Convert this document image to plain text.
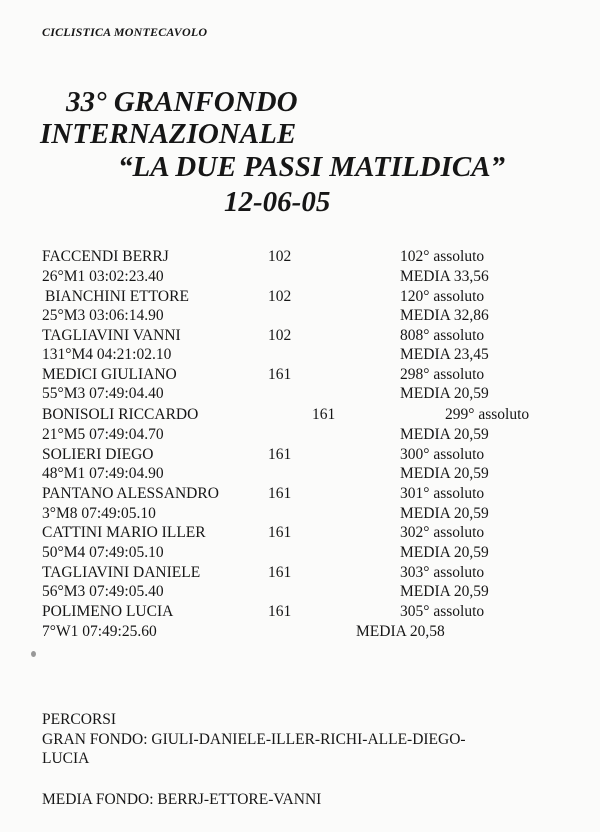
CICLISTICA MONTECAVOLO
33° GRANFONDO
INTERNAZIONALE
“LA DUE PASSI MATILDICA”
12-06-05
FACCENDI BERRJ	102	102° assoluto
26°M1 03:02:23.40	MEDIA 33,56
BIANCHINI ETTORE	102	120° assoluto
25°M3 03:06:14.90	MEDIA 32,86
TAGLIAVINI VANNI	102	808° assoluto
131°M4 04:21:02.10	MEDIA 23,45
MEDICI GIULIANO	161	298° assoluto
55°M3 07:49:04.40	MEDIA 20,59
BONISOLI RICCARDO	161	299° assoluto
21°M5 07:49:04.70	MEDIA 20,59
SOLIERI DIEGO	161	300° assoluto
48°M1 07:49:04.90	MEDIA 20,59
PANTANO ALESSANDRO	161	301° assoluto
3°M8 07:49:05.10	MEDIA 20,59
CATTINI MARIO ILLER	161	302° assoluto
50°M4 07:49:05.10	MEDIA 20,59
TAGLIAVINI DANIELE	161	303° assoluto
56°M3 07:49:05.40	MEDIA 20,59
POLIMENO LUCIA	161	305° assoluto
7°W1 07:49:25.60	MEDIA 20,58
PERCORSI
GRAN FONDO: GIULI-DANIELE-ILLER-RICHI-ALLE-DIEGO-
LUCIA
MEDIA FONDO: BERRJ-ETTORE-VANNI
